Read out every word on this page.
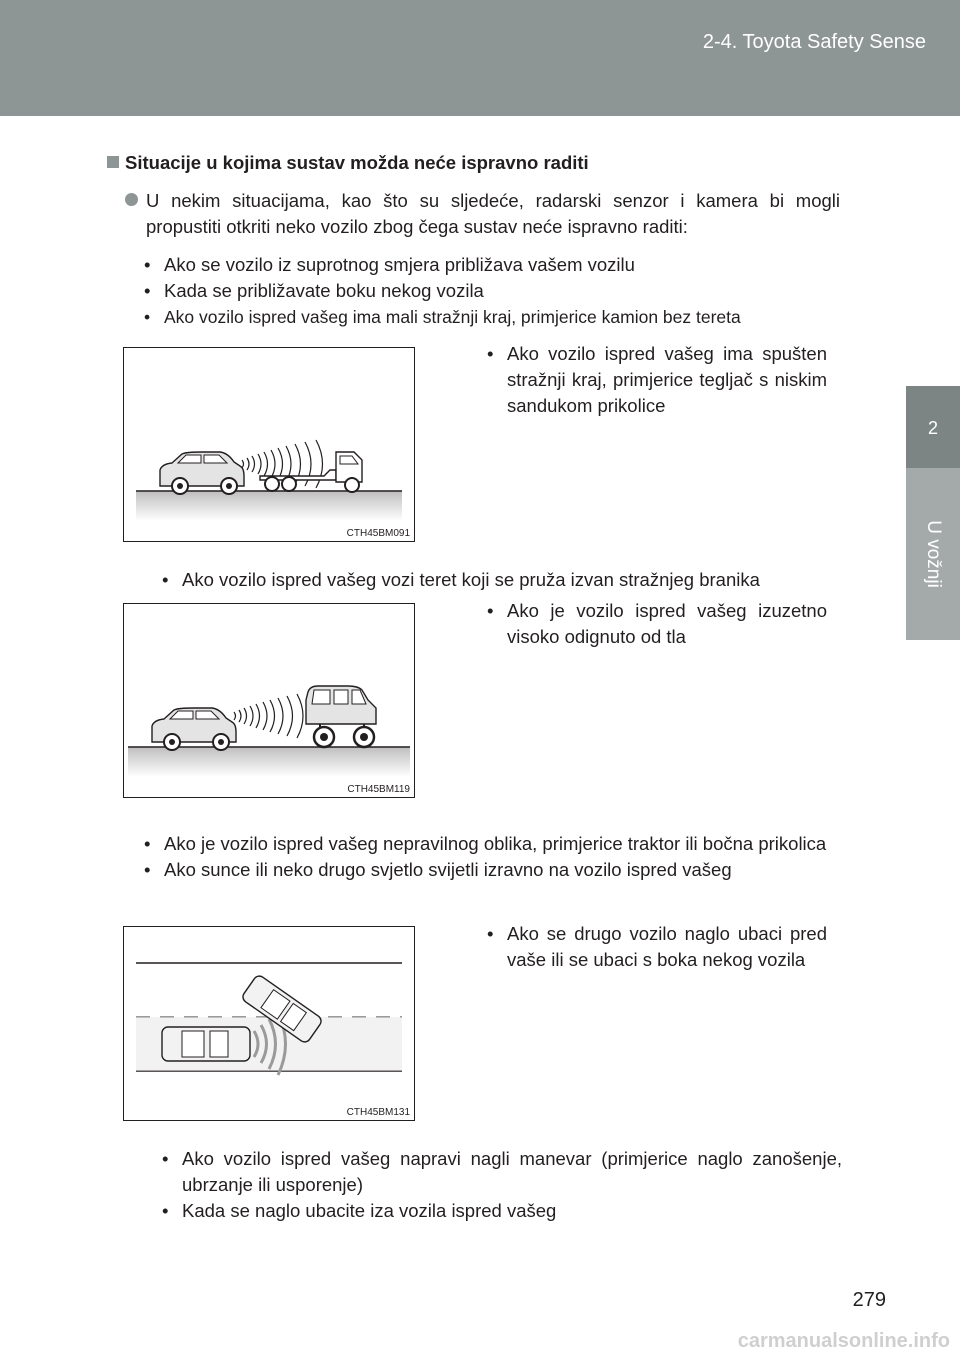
2-4. Toyota Safety Sense
2
U vožnji
Situacije u kojima sustav možda neće ispravno raditi
U nekim situacijama, kao što su sljedeće, radarski senzor i kamera bi mogli propustiti otkriti neko vozilo zbog čega sustav neće ispravno raditi:
• Ako se vozilo iz suprotnog smjera približava vašem vozilu
• Kada se približavate boku nekog vozila
• Ako vozilo ispred vašeg ima mali stražnji kraj, primjerice kamion bez tereta
CTH45BM091
• Ako vozilo ispred vašeg ima spušten stražnji kraj, primjerice tegljač s niskim sandukom prikolice
• Ako vozilo ispred vašeg vozi teret koji se pruža izvan stražnjeg branika
CTH45BM119
• Ako je vozilo ispred vašeg izuzetno visoko odignuto od tla
• Ako je vozilo ispred vašeg nepravilnog oblika, primjerice traktor ili bočna prikolica
• Ako sunce ili neko drugo svjetlo svijetli izravno na vozilo ispred vašeg
CTH45BM131
• Ako se drugo vozilo naglo ubaci pred vaše ili se ubaci s boka nekog vozila
• Ako vozilo ispred vašeg napravi nagli manevar (primjerice naglo zanošenje, ubrzanje ili usporenje)
• Kada se naglo ubacite iza vozila ispred vašeg
279
carmanualsonline.info
